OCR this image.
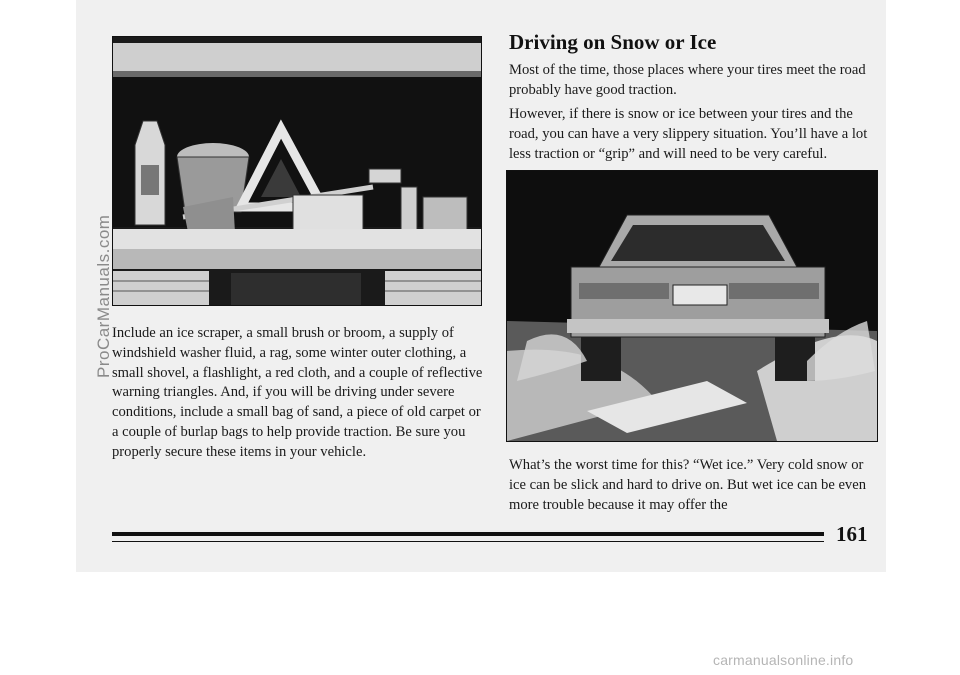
ProCarManuals.com Include an ice scraper, a small brush or broom, a supply of windshield washer fluid, a rag, some winter outer clothing, a small shovel, a flashlight, a red cloth, and a couple of reflective warning triangles. And, if you will be driving under severe conditions, include a small bag of sand, a piece of old carpet or a couple of burlap bags to help provide traction. Be sure you properly secure these items in your vehicle.

Driving on Snow or Ice

Most of the time, those places where your tires meet the road probably have good traction.

However, if there is snow or ice between your tires and the road, you can have a very slippery situation. You’ll have a lot less traction or “grip” and will need to be very careful.

What’s the worst time for this? “Wet ice.” Very cold snow or ice can be slick and hard to drive on. But wet ice can be even more trouble because it may offer the

161
carmanualsonline.info
